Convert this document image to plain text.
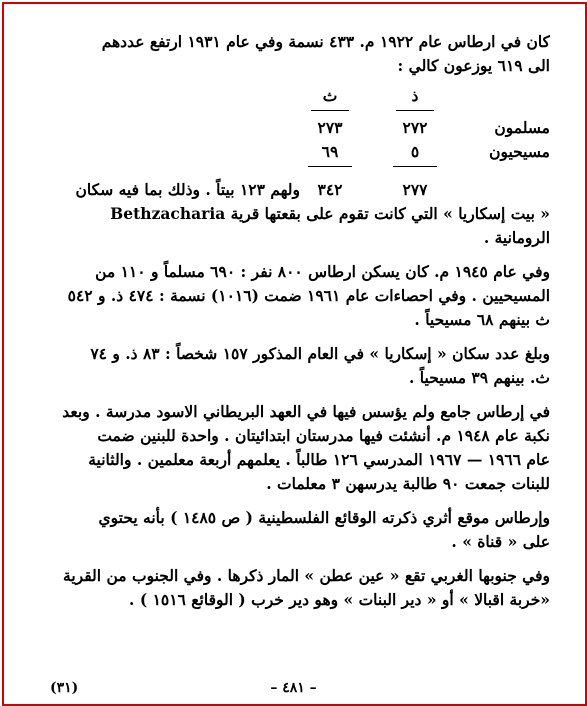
كان في ارطاس عام ١٩٢٢ م. ٤٣٣ نسمة وفي عام ١٩٣١ ارتفع عددهم
الى ٦١٩ يوزعون كالي :
ذ
ث
مسلمون
٢٧٢
٢٧٣
مسيحيون
٥
٦٩
٢٧٧
٣٤٢
ولهم ١٢٣ بيتاً . وذلك بما فيه سكان
« بيت إسكاريا » التي كانت تقوم على بقعتها قرية Bethzacharia
الرومانية .
وفي عام ١٩٤٥ م. كان يسكن ارطاس ٨٠٠ نفر : ٦٩٠ مسلماً و ١١٠ من
المسيحيين . وفي احصاءات عام ١٩٦١ ضمت (١٠١٦) نسمة : ٤٧٤ ذ. و ٥٤٢
ث بينهم ٦٨ مسيحياً .
وبلغ عدد سكان « إسكاريا » في العام المذكور ١٥٧ شخصاً : ٨٣ ذ. و ٧٤
ث. بينهم ٣٩ مسيحياً .
في إرطاس جامع ولم يؤسس فيها في العهد البريطاني الاسود مدرسة . وبعد
نكبة عام ١٩٤٨ م. أنشئت فيها مدرستان ابتدائيتان . واحدة للبنين ضمت
عام ١٩٦٦ — ١٩٦٧ المدرسي ١٢٦ طالباً . يعلمهم أربعة معلمين . والثانية
للبنات جمعت ٩٠ طالبة يدرسهن ٣ معلمات .
وإرطاس موقع أثري ذكرته الوقائع الفلسطينية ( ص ١٤٨٥ ) بأنه يحتوي
على « قناة » .
وفي جنوبها الغربي تقع « عين عطن » المار ذكرها . وفي الجنوب من القرية
«خربة اقبالا » أو « دير البنات » وهو دير خرب ( الوقائع ١٥١٦ ) .
(٣١)	– ٤٨١ –
